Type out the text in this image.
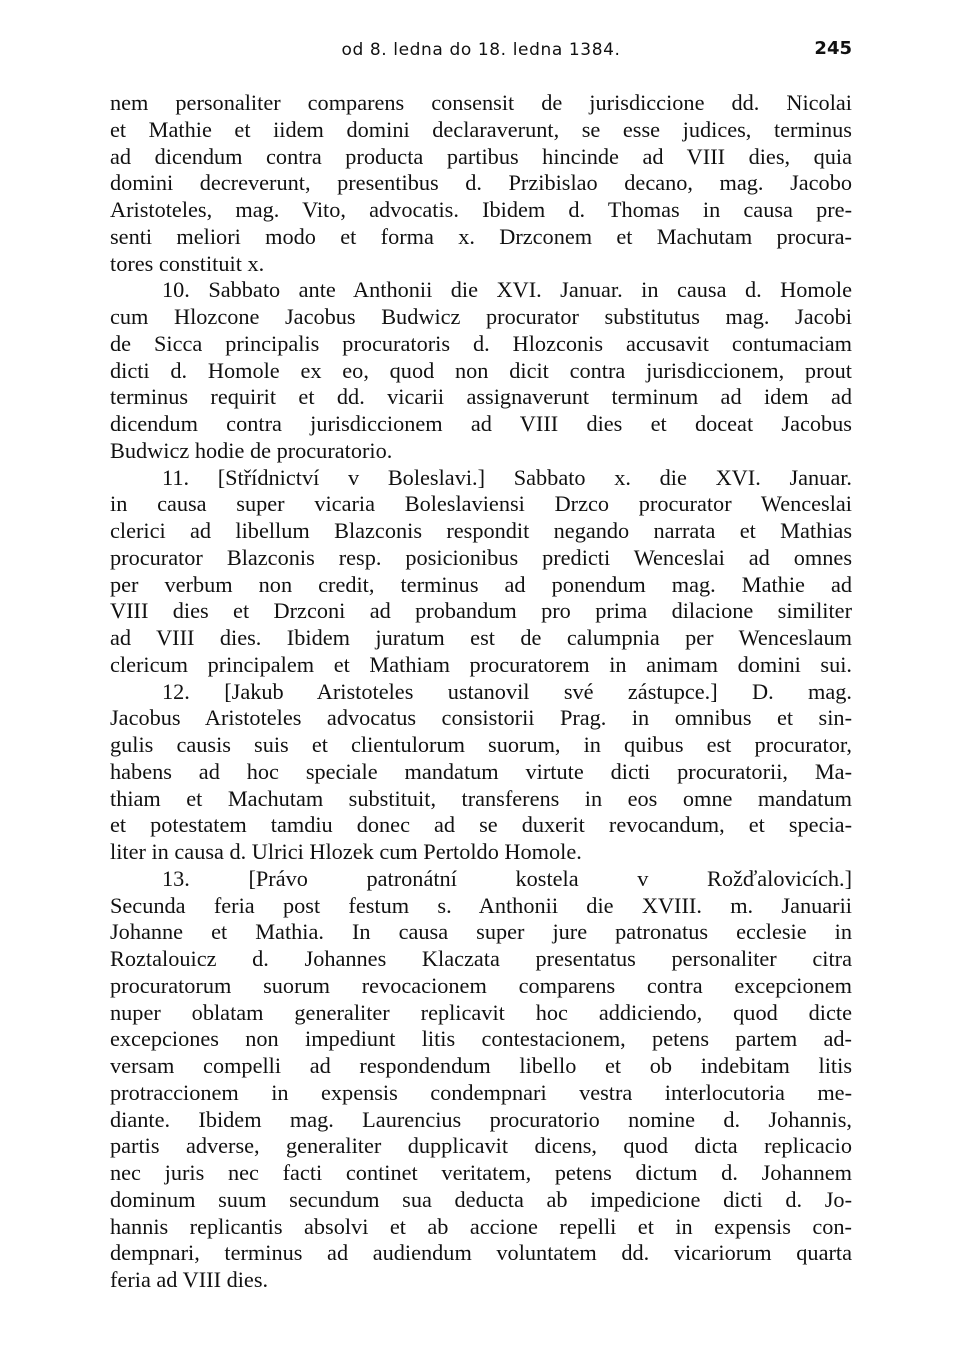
od 8. ledna do 18. ledna 1384.	245
nem personaliter comparens consensit de jurisdiccione dd. Nicolai
et Mathie et iidem domini declaraverunt, se esse judices, terminus
ad dicendum contra producta partibus hincinde ad VIII dies, quia
domini decreverunt, presentibus d. Przibislao decano, mag. Jacobo
Aristoteles, mag. Vito, advocatis. Ibidem d. Thomas in causa pre-
senti meliori modo et forma x. Drzconem et Machutam procura-
tores constituit x.
10. Sabbato ante Anthonii die XVI. Januar. in causa d. Homole
cum Hlozcone Jacobus Budwicz procurator substitutus mag. Jacobi
de Sicca principalis procuratoris d. Hlozconis accusavit contumaciam
dicti d. Homole ex eo, quod non dicit contra jurisdiccionem, prout
terminus requirit et dd. vicarii assignaverunt terminum ad idem ad
dicendum contra jurisdiccionem ad VIII dies et doceat Jacobus
Budwicz hodie de procuratorio.
11. [Střídnictví v Boleslavi.] Sabbato x. die XVI. Januar.
in causa super vicaria Boleslaviensi Drzco procurator Wenceslai
clerici ad libellum Blazconis respondit negando narrata et Mathias
procurator Blazconis resp. posicionibus predicti Wenceslai ad omnes
per verbum non credit, terminus ad ponendum mag. Mathie ad
VIII dies et Drzconi ad probandum pro prima dilacione similiter
ad VIII dies. Ibidem juratum est de calumpnia per Wenceslaum
clericum principalem et Mathiam procuratorem in animam domini sui.
12. [Jakub Aristoteles ustanovil své zástupce.] D. mag.
Jacobus Aristoteles advocatus consistorii Prag. in omnibus et sin-
gulis causis suis et clientulorum suorum, in quibus est procurator,
habens ad hoc speciale mandatum virtute dicti procuratorii, Ma-
thiam et Machutam substituit, transferens in eos omne mandatum
et potestatem tamdiu donec ad se duxerit revocandum, et specia-
liter in causa d. Ulrici Hlozek cum Pertoldo Homole.
13. [Právo patronátní kostela v Rožďalovicích.]
Secunda feria post festum s. Anthonii die XVIII. m. Januarii
Johanne et Mathia. In causa super jure patronatus ecclesie in
Roztalouicz d. Johannes Klaczata presentatus personaliter citra
procuratorum suorum revocacionem comparens contra excepcionem
nuper oblatam generaliter replicavit hoc addiciendo, quod dicte
excepciones non impediunt litis contestacionem, petens partem ad-
versam compelli ad respondendum libello et ob indebitam litis
protraccionem in expensis condempnari vestra interlocutoria me-
diante. Ibidem mag. Laurencius procuratorio nomine d. Johannis,
partis adverse, generaliter dupplicavit dicens, quod dicta replicacio
nec juris nec facti continet veritatem, petens dictum d. Johannem
dominum suum secundum sua deducta ab impedicione dicti d. Jo-
hannis replicantis absolvi et ab accione repelli et in expensis con-
dempnari, terminus ad audiendum voluntatem dd. vicariorum quarta
feria ad VIII dies.
